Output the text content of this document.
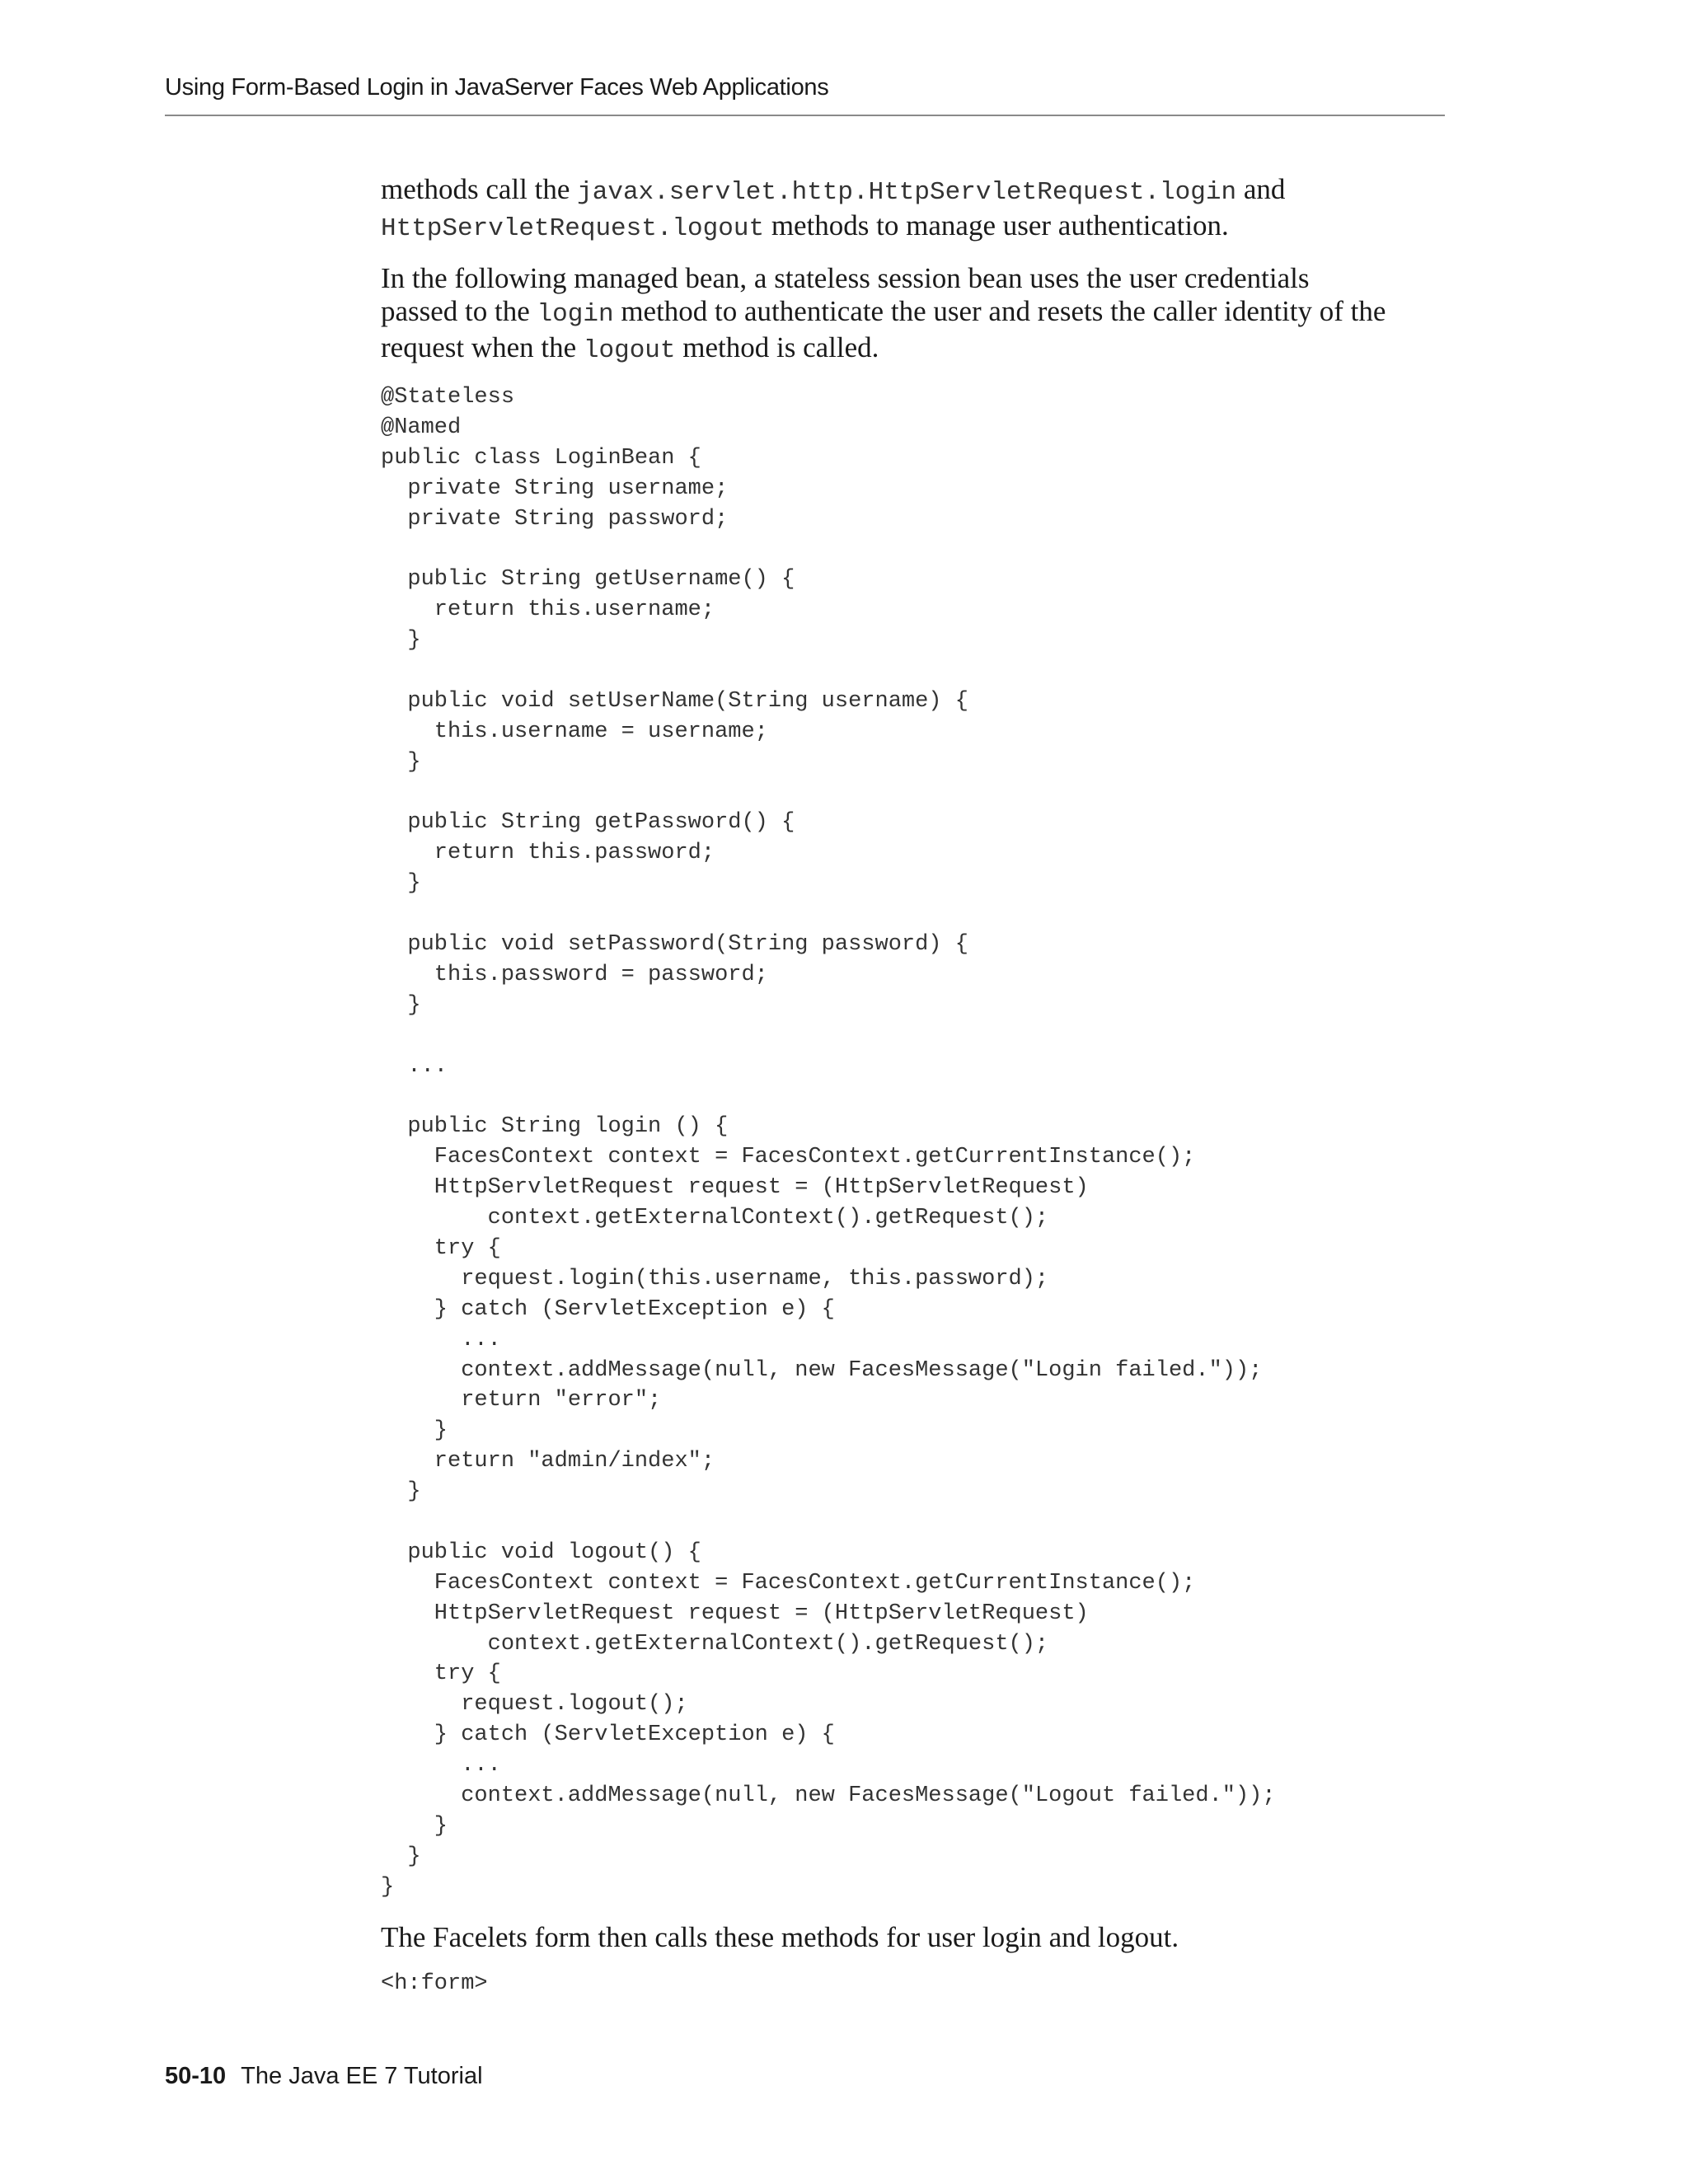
Using Form-Based Login in JavaServer Faces Web Applications

methods call the javax.servlet.http.HttpServletRequest.login and
HttpServletRequest.logout methods to manage user authentication.

In the following managed bean, a stateless session bean uses the user credentials
passed to the login method to authenticate the user and resets the caller identity of the
request when the logout method is called.

@Stateless
@Named
public class LoginBean {
private String username;
private String password;
public String getUsername() {
return this.username;
}
public void setUserName(String username) {
this.username = username;
}
public String getPassword() {
return this.password;
}
public void setPassword(String password) {
this.password = password;
}
...
public String login () {
FacesContext context = FacesContext.getCurrentInstance();
HttpServletRequest request = (HttpServletRequest)
context.getExternalContext().getRequest();
try {
request.login(this.username, this.password);
} catch (ServletException e) {
...
context.addMessage(null, new FacesMessage("Login failed."));
return "error";
}
return "admin/index";
}
public void logout() {
FacesContext context = FacesContext.getCurrentInstance();
HttpServletRequest request = (HttpServletRequest)
context.getExternalContext().getRequest();
try {
request.logout();
} catch (ServletException e) {
...
context.addMessage(null, new FacesMessage("Logout failed."));
}
}
}

The Facelets form then calls these methods for user login and logout.

<h:form>
50-10 The Java EE 7 Tutorial
